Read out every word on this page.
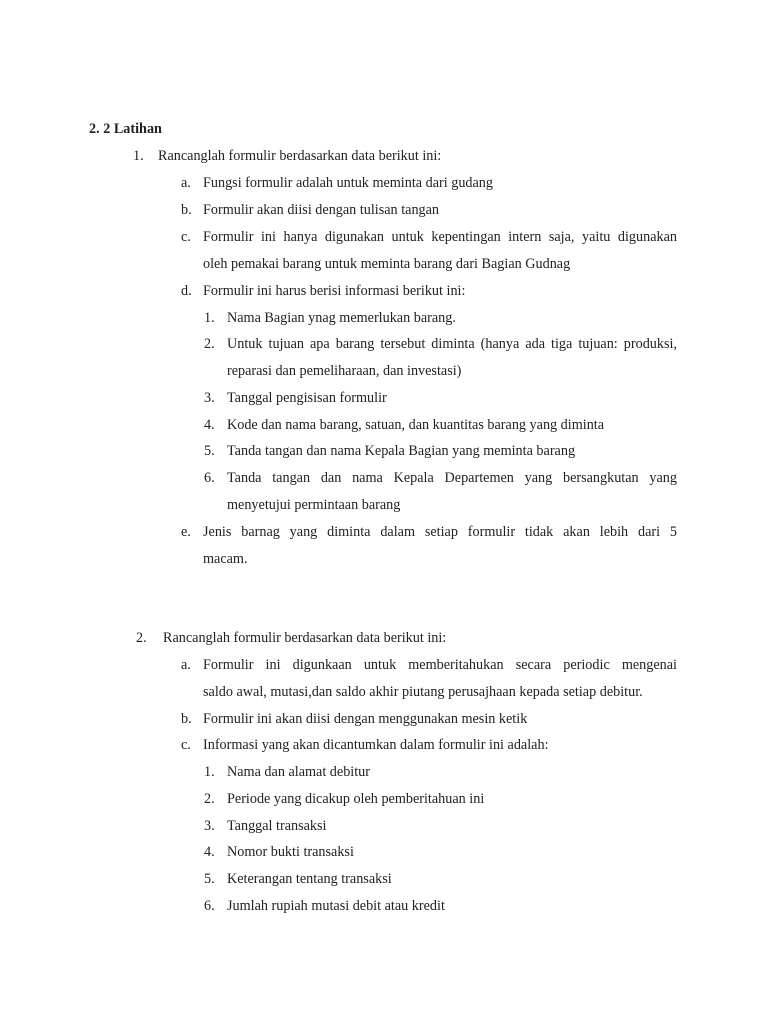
2. 2 Latihan
1. Rancanglah formulir berdasarkan data berikut ini:
a. Fungsi formulir adalah untuk meminta dari gudang
b. Formulir akan diisi dengan tulisan tangan
c. Formulir ini hanya digunakan untuk kepentingan intern saja, yaitu digunakan
oleh pemakai barang untuk meminta barang dari Bagian Gudnag
d. Formulir ini harus berisi informasi berikut ini:
1. Nama Bagian ynag memerlukan barang.
2. Untuk tujuan apa barang tersebut diminta (hanya ada tiga tujuan: produksi,
reparasi dan pemeliharaan, dan investasi)
3. Tanggal pengisisan formulir
4. Kode dan nama barang, satuan, dan kuantitas barang yang diminta
5. Tanda tangan dan nama Kepala Bagian yang meminta barang
6. Tanda tangan dan nama Kepala Departemen yang bersangkutan yang
menyetujui permintaan barang
e. Jenis barnag yang diminta dalam setiap formulir tidak akan lebih dari 5
macam.
2. Rancanglah formulir berdasarkan data berikut ini:
a. Formulir ini digunkaan untuk memberitahukan secara periodic mengenai
saldo awal, mutasi,dan saldo akhir piutang perusajhaan kepada setiap debitur.
b. Formulir ini akan diisi dengan menggunakan mesin ketik
c. Informasi yang akan dicantumkan dalam formulir ini adalah:
1. Nama dan alamat debitur
2. Periode yang dicakup oleh pemberitahuan ini
3. Tanggal transaksi
4. Nomor bukti transaksi
5. Keterangan tentang transaksi
6. Jumlah rupiah mutasi debit atau kredit
